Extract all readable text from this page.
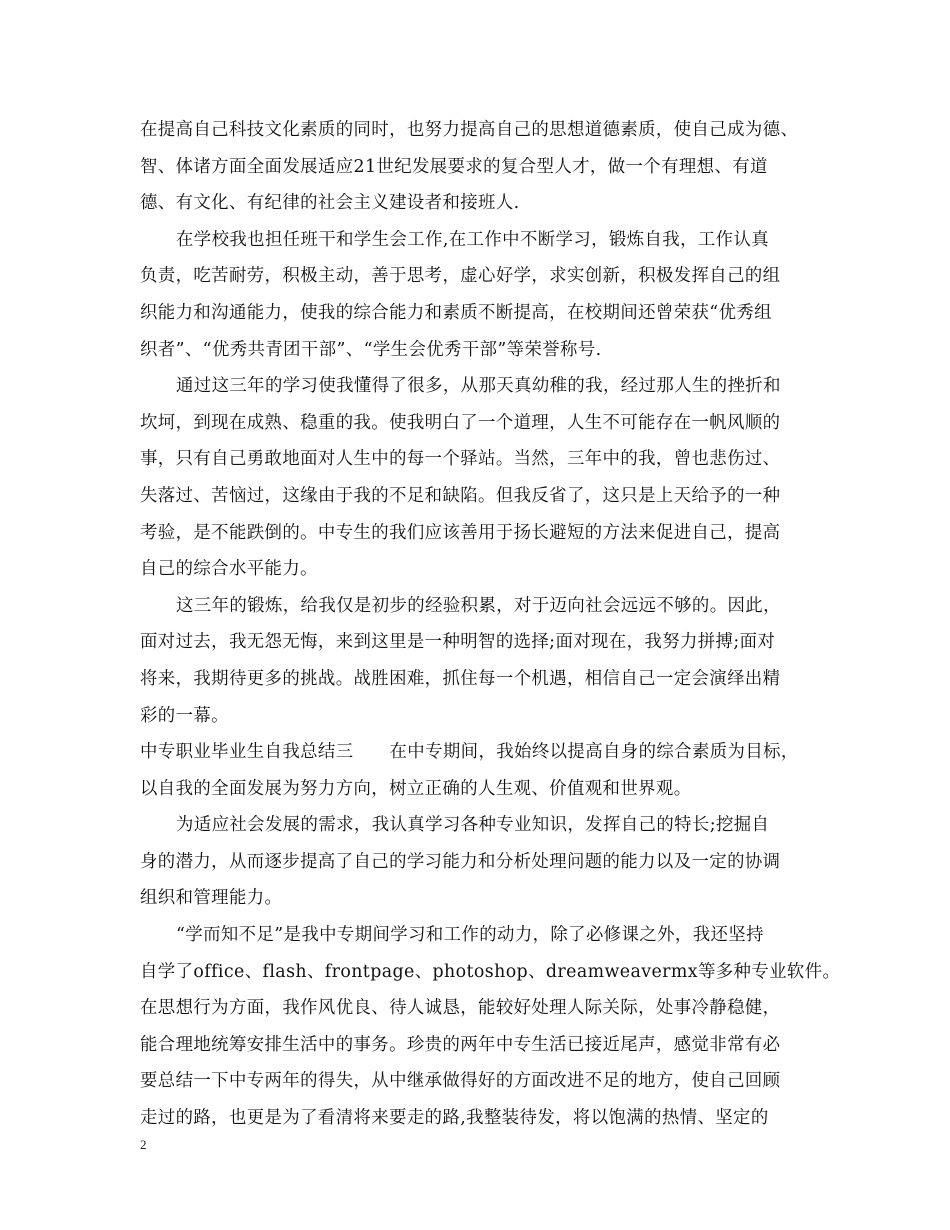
在提高自己科技文化素质的同时，也努力提高自己的思想道德素质，使自己成为德、
智、体诸方面全面发展适应21世纪发展要求的复合型人才，做一个有理想、有道
德、有文化、有纪律的社会主义建设者和接班人.
在学校我也担任班干和学生会工作,在工作中不断学习，锻炼自我，工作认真
负责，吃苦耐劳，积极主动，善于思考，虚心好学，求实创新，积极发挥自己的组
织能力和沟通能力，使我的综合能力和素质不断提高，在校期间还曾荣获“优秀组
织者”、“优秀共青团干部”、“学生会优秀干部”等荣誉称号.
通过这三年的学习使我懂得了很多，从那天真幼稚的我，经过那人生的挫折和
坎坷，到现在成熟、稳重的我。使我明白了一个道理，人生不可能存在一帆风顺的
事，只有自己勇敢地面对人生中的每一个驿站。当然，三年中的我，曾也悲伤过、
失落过、苦恼过，这缘由于我的不足和缺陷。但我反省了，这只是上天给予的一种
考验，是不能跌倒的。中专生的我们应该善用于扬长避短的方法来促进自己，提高
自己的综合水平能力。
这三年的锻炼，给我仅是初步的经验积累，对于迈向社会远远不够的。因此，
面对过去，我无怨无悔，来到这里是一种明智的选择;面对现在，我努力拼搏;面对
将来，我期待更多的挑战。战胜困难，抓住每一个机遇，相信自己一定会演绎出精
彩的一幕。
中专职业毕业生自我总结三 在中专期间，我始终以提高自身的综合素质为目标，
以自我的全面发展为努力方向，树立正确的人生观、价值观和世界观。
为适应社会发展的需求，我认真学习各种专业知识，发挥自己的特长;挖掘自
身的潜力，从而逐步提高了自己的学习能力和分析处理问题的能力以及一定的协调
组织和管理能力。
“学而知不足”是我中专期间学习和工作的动力，除了必修课之外，我还坚持
自学了office、flash、frontpage、photoshop、dreamweavermx等多种专业软件。
在思想行为方面，我作风优良、待人诚恳，能较好处理人际关际，处事冷静稳健，
能合理地统筹安排生活中的事务。珍贵的两年中专生活已接近尾声，感觉非常有必
要总结一下中专两年的得失，从中继承做得好的方面改进不足的地方，使自己回顾
走过的路，也更是为了看清将来要走的路,我整装待发，将以饱满的热情、坚定的
2
